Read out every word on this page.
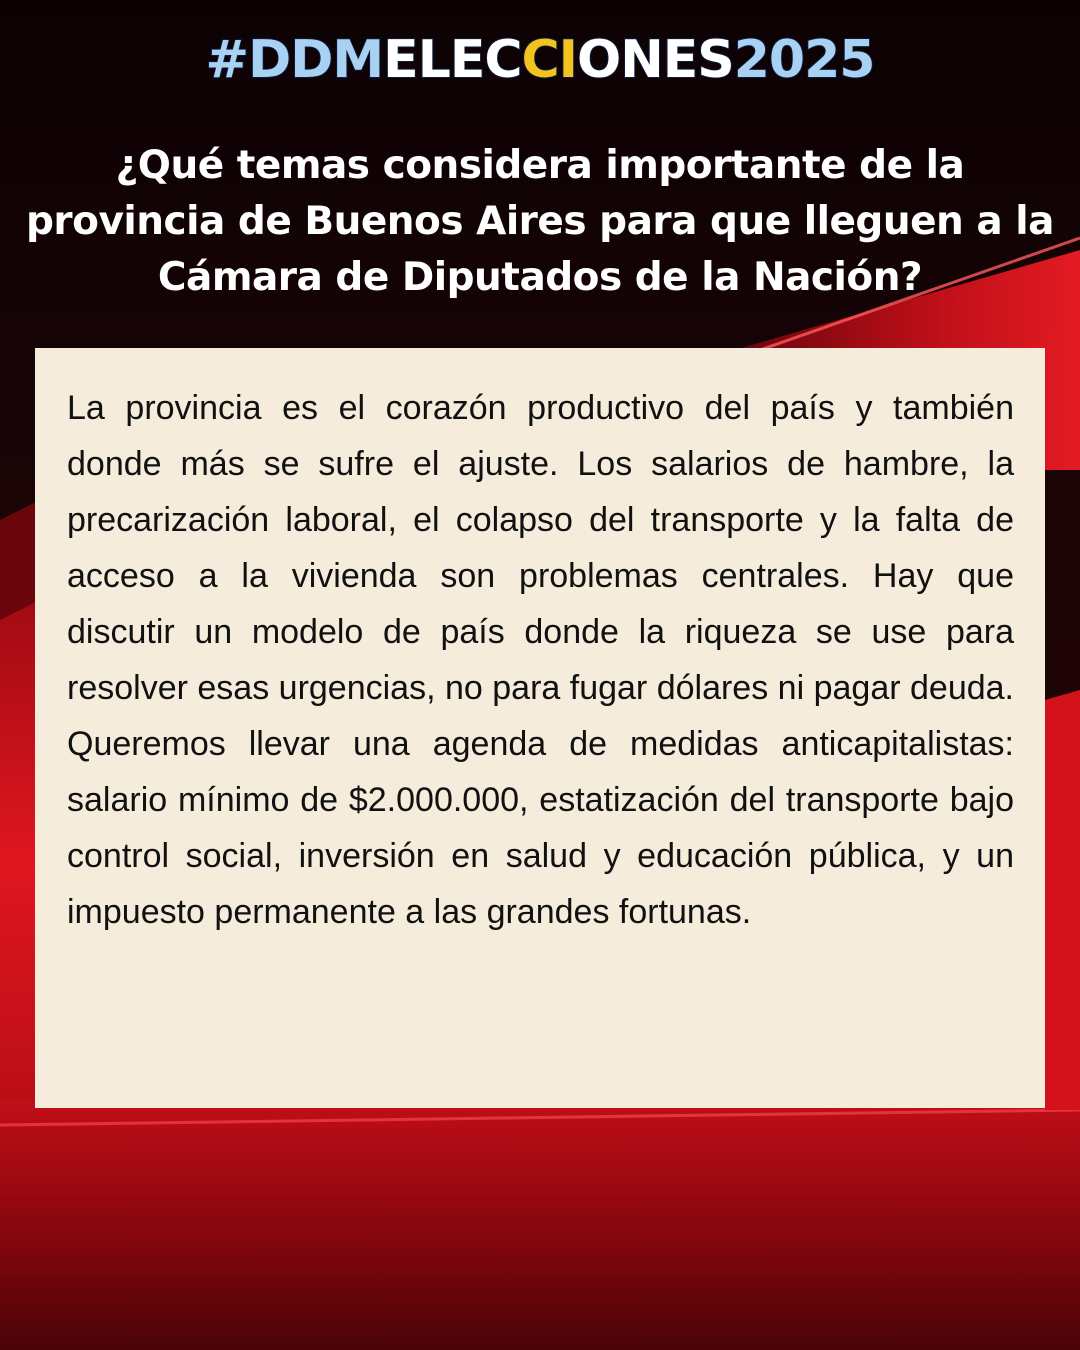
#DDMELECCIONES2025
¿Qué temas considera importante de la provincia de Buenos Aires para que lleguen a la Cámara de Diputados de la Nación?

La provincia es el corazón productivo del país y también donde más se sufre el ajuste. Los salarios de hambre, la precarización laboral, el colapso del transporte y la falta de acceso a la vivienda son problemas centrales. Hay que discutir un modelo de país donde la riqueza se use para resolver esas urgencias, no para fugar dólares ni pagar deuda. Queremos llevar una agenda de medidas anticapitalistas: salario mínimo de $2.000.000, estatización del transporte bajo control social, inversión en salud y educación pública, y un impuesto permanente a las grandes fortunas.
